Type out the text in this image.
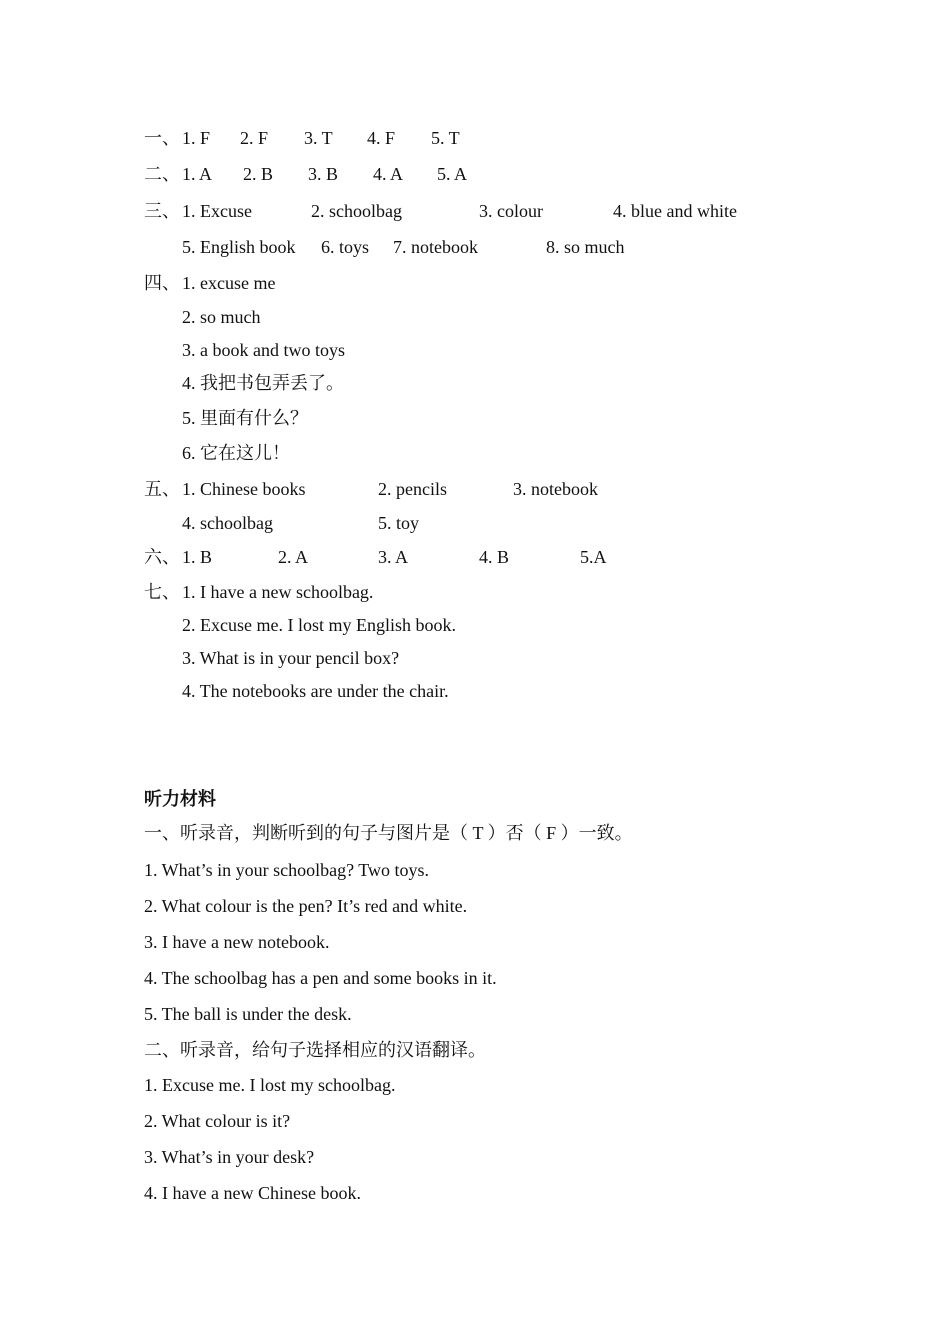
一、 1. F 2. F 3. T 4. F 5. T
二、 1. A 2. B 3. B 4. A 5. A
三、 1. Excuse	2. schoolbag	3. colour	4. blue and white
5. English book 6. toys 7. notebook	8. so much
四、 1. excuse me
2. so much
3. a book and two toys
4. 我把书包弄丢了。
5. 里面有什么？
6. 它在这儿！
五、 1. Chinese books	2. pencils	3. notebook
4. schoolbag	5. toy
六、 1. B	2. A	3. A	4. B	5.A
七、 1. I have a new schoolbag.
2. Excuse me. I lost my English book.
3. What is in your pencil box?
4. The notebooks are under the chair.
听力材料
一、听录音，判断听到的句子与图片是（ T ）否（ F ）一致。
1. What’s in your schoolbag? Two toys.
2. What colour is the pen? It’s red and white.
3. I have a new notebook.
4. The schoolbag has a pen and some books in it.
5. The ball is under the desk.
二、听录音，给句子选择相应的汉语翻译。
1. Excuse me. I lost my schoolbag.
2. What colour is it?
3. What’s in your desk?
4. I have a new Chinese book.
